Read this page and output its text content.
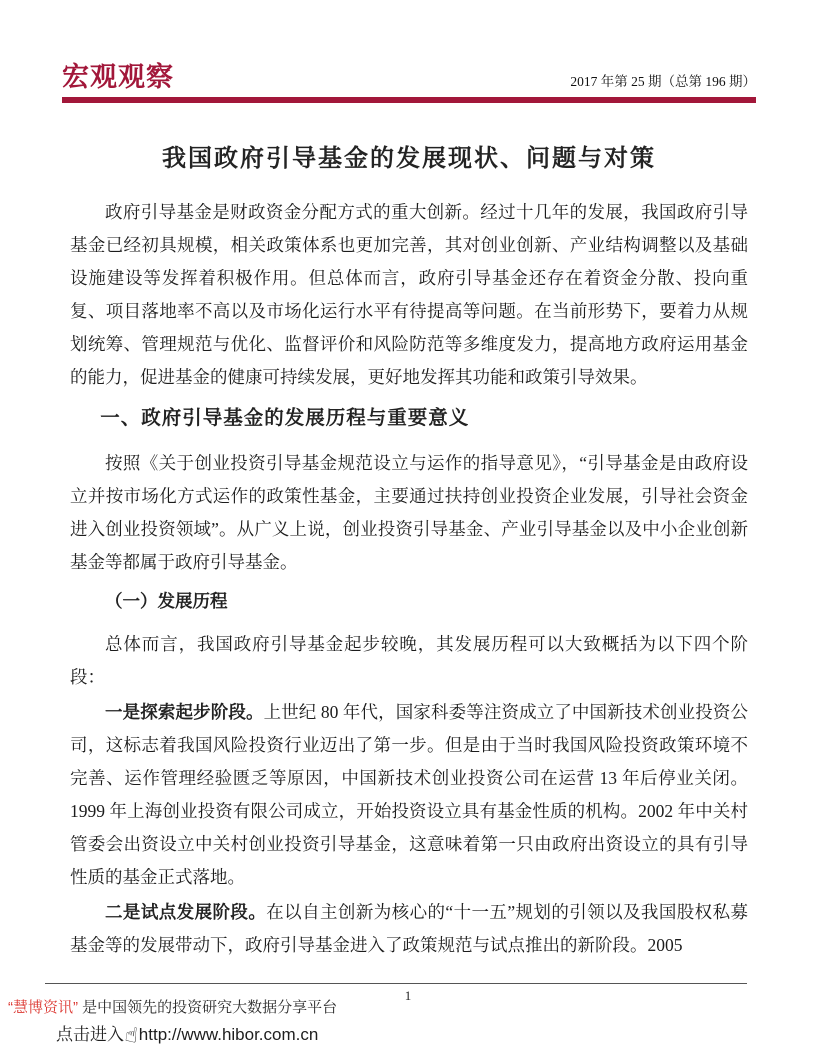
宏观观察	2017 年第 25 期（总第 196 期）
我国政府引导基金的发展现状、问题与对策

政府引导基金是财政资金分配方式的重大创新。经过十几年的发展，我国政府引导基金已经初具规模，相关政策体系也更加完善，其对创业创新、产业结构调整以及基础设施建设等发挥着积极作用。但总体而言，政府引导基金还存在着资金分散、投向重复、项目落地率不高以及市场化运行水平有待提高等问题。在当前形势下，要着力从规划统筹、管理规范与优化、监督评价和风险防范等多维度发力，提高地方政府运用基金的能力，促进基金的健康可持续发展，更好地发挥其功能和政策引导效果。

一、政府引导基金的发展历程与重要意义

按照《关于创业投资引导基金规范设立与运作的指导意见》，“引导基金是由政府设立并按市场化方式运作的政策性基金，主要通过扶持创业投资企业发展，引导社会资金进入创业投资领域”。从广义上说，创业投资引导基金、产业引导基金以及中小企业创新基金等都属于政府引导基金。

（一）发展历程

总体而言，我国政府引导基金起步较晚，其发展历程可以大致概括为以下四个阶段：

一是探索起步阶段。上世纪 80 年代，国家科委等注资成立了中国新技术创业投资公司，这标志着我国风险投资行业迈出了第一步。但是由于当时我国风险投资政策环境不完善、运作管理经验匮乏等原因，中国新技术创业投资公司在运营 13 年后停业关闭。1999 年上海创业投资有限公司成立，开始投资设立具有基金性质的机构。2002 年中关村管委会出资设立中关村创业投资引导基金，这意味着第一只由政府出资设立的具有引导性质的基金正式落地。

二是试点发展阶段。在以自主创新为核心的“十一五”规划的引领以及我国股权私募基金等的发展带动下，政府引导基金进入了政策规范与试点推出的新阶段。2005

1
“慧博资讯” 是中国领先的投资研究大数据分享平台
点击进入 ☝ http://www.hibor.com.cn
